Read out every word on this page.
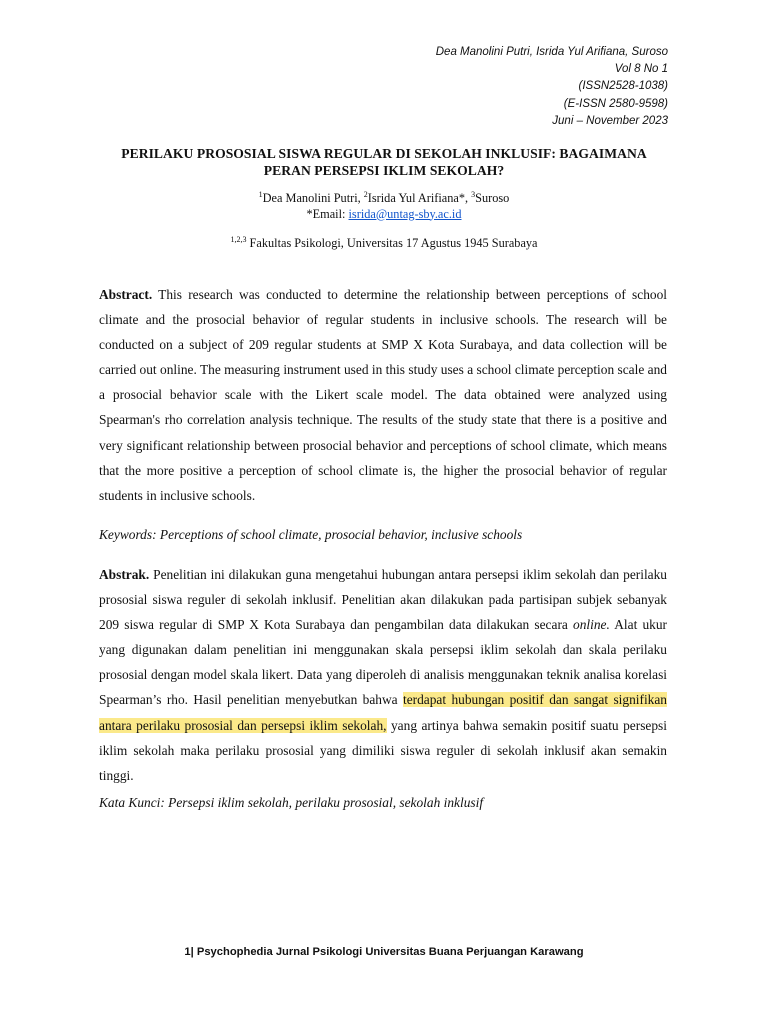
Dea Manolini Putri, Isrida Yul Arifiana, Suroso
Vol 8 No 1
(ISSN2528-1038)
(E-ISSN 2580-9598)
Juni – November 2023
PERILAKU PROSOSIAL SISWA REGULAR DI SEKOLAH INKLUSIF: BAGAIMANA
PERAN PERSEPSI IKLIM SEKOLAH?
$^1$Dea Manolini Putri, $^2$Isrida Yul Arifiana*, $^3$Suroso
*Email: isrida@untag-sby.ac.id
$^{1,2,3}$ Fakultas Psikologi, Universitas 17 Agustus 1945 Surabaya
Abstract. This research was conducted to determine the relationship between perceptions of school climate and the prosocial behavior of regular students in inclusive schools. The research will be conducted on a subject of 209 regular students at SMP X Kota Surabaya, and data collection will be carried out online. The measuring instrument used in this study uses a school climate perception scale and a prosocial behavior scale with the Likert scale model. The data obtained were analyzed using Spearman's rho correlation analysis technique. The results of the study state that there is a positive and very significant relationship between prosocial behavior and perceptions of school climate, which means that the more positive a perception of school climate is, the higher the prosocial behavior of regular students in inclusive schools.
Keywords: Perceptions of school climate, prosocial behavior, inclusive schools
Abstrak. Penelitian ini dilakukan guna mengetahui hubungan antara persepsi iklim sekolah dan perilaku prososial siswa reguler di sekolah inklusif. Penelitian akan dilakukan pada partisipan subjek sebanyak 209 siswa regular di SMP X Kota Surabaya dan pengambilan data dilakukan secara online. Alat ukur yang digunakan dalam penelitian ini menggunakan skala persepsi iklim sekolah dan skala perilaku prososial dengan model skala likert. Data yang diperoleh di analisis menggunakan teknik analisa korelasi Spearman’s rho. Hasil penelitian menyebutkan bahwa terdapat hubungan positif dan sangat signifikan antara perilaku prososial dan persepsi iklim sekolah, yang artinya bahwa semakin positif suatu persepsi iklim sekolah maka perilaku prososial yang dimiliki siswa reguler di sekolah inklusif akan semakin tinggi.
Kata Kunci: Persepsi iklim sekolah, perilaku prososial, sekolah inklusif
1| Psychophedia Jurnal Psikologi Universitas Buana Perjuangan Karawang
